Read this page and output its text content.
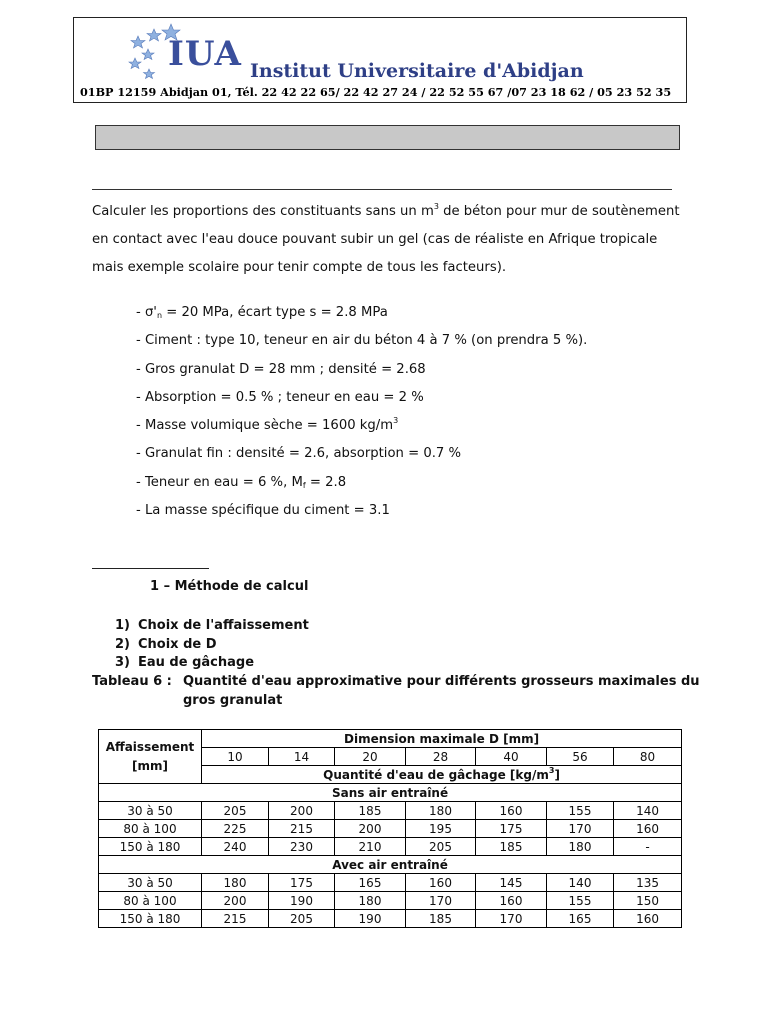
IUA Institut Universitaire d'Abidjan
01BP 12159 Abidjan 01, Tél. 22 42 22 65/ 22 42 27 24 / 22 52 55 67 /07 23 18 62 / 05 23 52 35
Calculer les proportions des constituants sans un $m^3$ de béton pour mur de soutènement en contact avec l'eau douce pouvant subir un gel (cas de réaliste en Afrique tropicale mais exemple scolaire pour tenir compte de tous les facteurs).
- $\sigma'_n = 20$ MPa, écart type s = 2.8 MPa
- Ciment : type 10, teneur en air du béton 4 à 7 % (on prendra 5 %).
- Gros granulat D = 28 mm ; densité = 2.68
- Absorption = 0.5 % ; teneur en eau = 2 %
- Masse volumique sèche = 1600 $kg/m^3$
- Granulat fin : densité = 2.6, absorption = 0.7 %
- Teneur en eau = 6 %, $M_f = 2.8$
- La masse spécifique du ciment = 3.1
1 – Méthode de calcul
1) Choix de l'affaissement
2) Choix de D
3) Eau de gâchage
Tableau 6 : Quantité d'eau approximative pour différents grosseurs maximales du gros granulat
Affaissement
[mm]	Dimension maximale D [mm]						
	10	14	20	28	40	56	80
	Quantité d'eau de gâchage $[kg/m^3]$						
Sans air entraîné							
30 à 50	205	200	185	180	160	155	140
80 à 100	225	215	200	195	175	170	160
150 à 180	240	230	210	205	185	180	-
Avec air entraîné							
30 à 50	180	175	165	160	145	140	135
80 à 100	200	190	180	170	160	155	150
150 à 180	215	205	190	185	170	165	160
